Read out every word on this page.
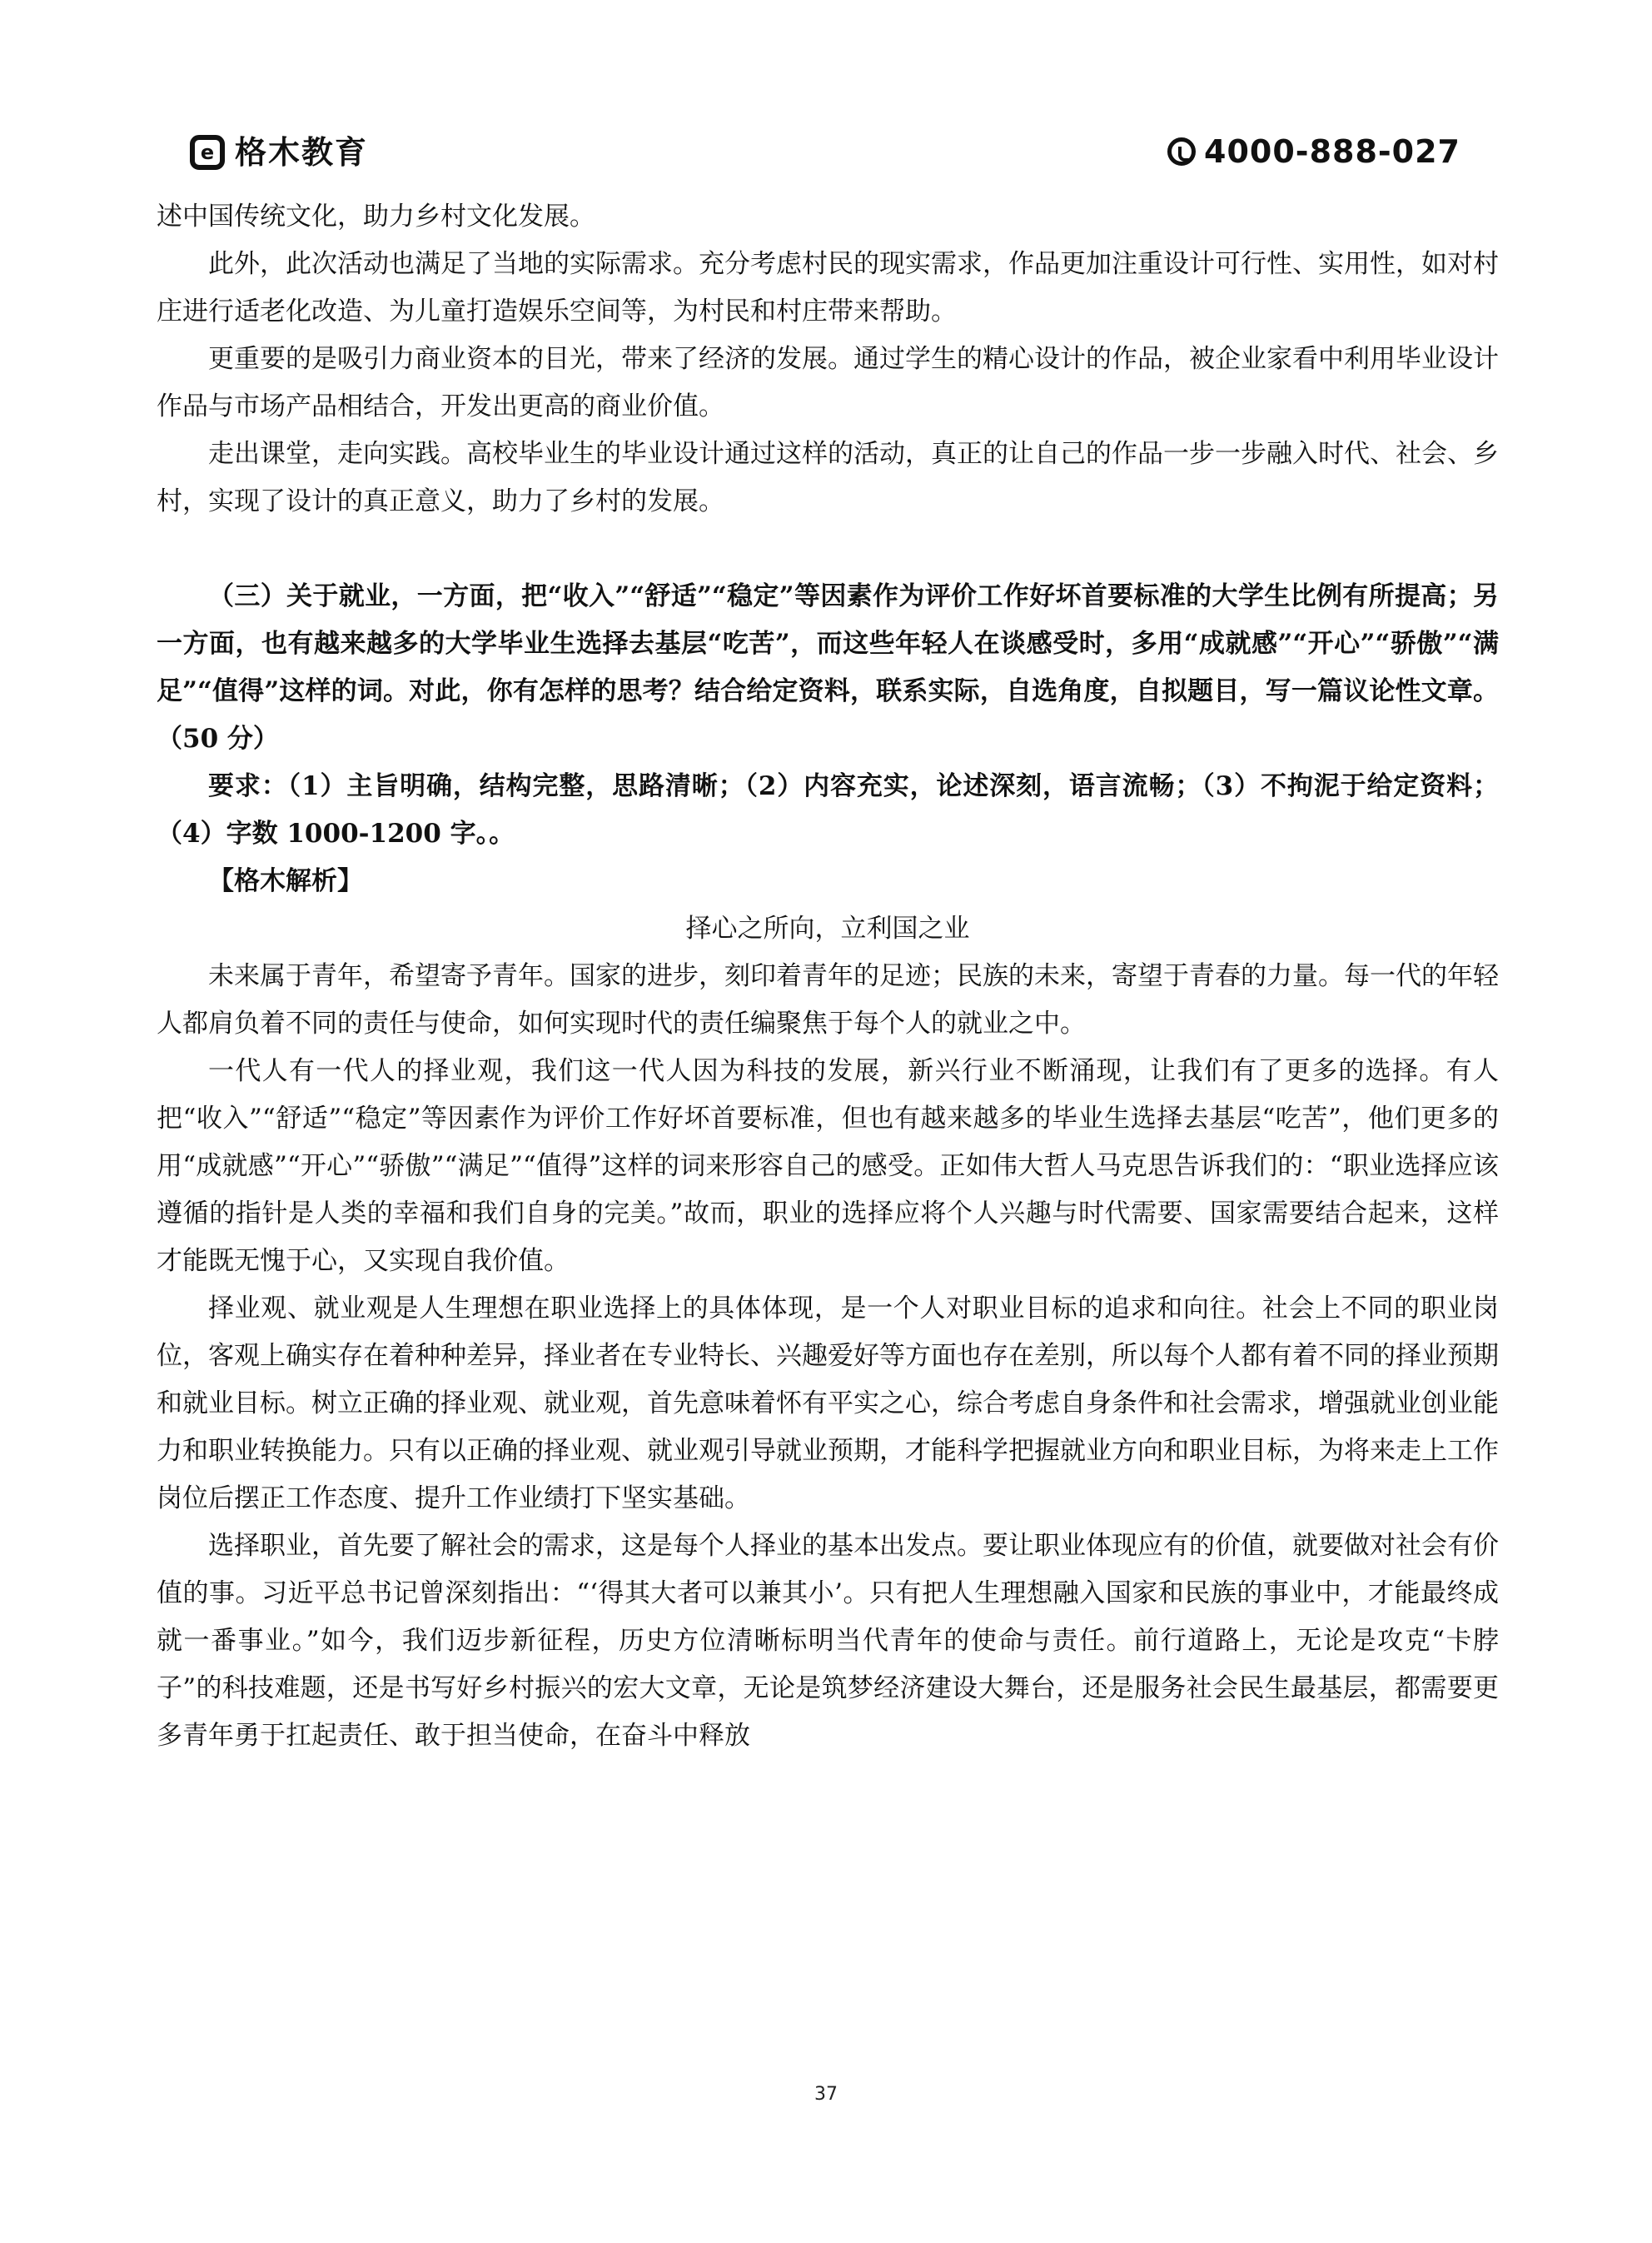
e 格木教育	4000-888-027

述中国传统文化，助力乡村文化发展。

此外，此次活动也满足了当地的实际需求。充分考虑村民的现实需求，作品更加注重设计可行性、实用性，如对村庄进行适老化改造、为儿童打造娱乐空间等，为村民和村庄带来帮助。

更重要的是吸引力商业资本的目光，带来了经济的发展。通过学生的精心设计的作品，被企业家看中利用毕业设计作品与市场产品相结合，开发出更高的商业价值。

走出课堂，走向实践。高校毕业生的毕业设计通过这样的活动，真正的让自己的作品一步一步融入时代、社会、乡村，实现了设计的真正意义，助力了乡村的发展。

（三）关于就业，一方面，把“收入”“舒适”“稳定”等因素作为评价工作好坏首要标准的大学生比例有所提高；另一方面，也有越来越多的大学毕业生选择去基层“吃苦”，而这些年轻人在谈感受时，多用“成就感”“开心”“骄傲”“满足”“值得”这样的词。对此，你有怎样的思考？结合给定资料，联系实际，自选角度，自拟题目，写一篇议论性文章。（50 分）

要求：（1）主旨明确，结构完整，思路清晰；（2）内容充实，论述深刻，语言流畅；（3）不拘泥于给定资料；（4）字数 1000-1200 字。。

【格木解析】

择心之所向，立利国之业

未来属于青年，希望寄予青年。国家的进步，刻印着青年的足迹；民族的未来，寄望于青春的力量。每一代的年轻人都肩负着不同的责任与使命，如何实现时代的责任编聚焦于每个人的就业之中。

一代人有一代人的择业观，我们这一代人因为科技的发展，新兴行业不断涌现，让我们有了更多的选择。有人把“收入”“舒适”“稳定”等因素作为评价工作好坏首要标准，但也有越来越多的毕业生选择去基层“吃苦”，他们更多的用“成就感”“开心”“骄傲”“满足”“值得”这样的词来形容自己的感受。正如伟大哲人马克思告诉我们的：“职业选择应该遵循的指针是人类的幸福和我们自身的完美。”故而，职业的选择应将个人兴趣与时代需要、国家需要结合起来，这样才能既无愧于心，又实现自我价值。

择业观、就业观是人生理想在职业选择上的具体体现，是一个人对职业目标的追求和向往。社会上不同的职业岗位，客观上确实存在着种种差异，择业者在专业特长、兴趣爱好等方面也存在差别，所以每个人都有着不同的择业预期和就业目标。树立正确的择业观、就业观，首先意味着怀有平实之心，综合考虑自身条件和社会需求，增强就业创业能力和职业转换能力。只有以正确的择业观、就业观引导就业预期，才能科学把握就业方向和职业目标，为将来走上工作岗位后摆正工作态度、提升工作业绩打下坚实基础。

选择职业，首先要了解社会的需求，这是每个人择业的基本出发点。要让职业体现应有的价值，就要做对社会有价值的事。习近平总书记曾深刻指出：“‘得其大者可以兼其小’。只有把人生理想融入国家和民族的事业中，才能最终成就一番事业。”如今，我们迈步新征程，历史方位清晰标明当代青年的使命与责任。前行道路上，无论是攻克“卡脖子”的科技难题，还是书写好乡村振兴的宏大文章，无论是筑梦经济建设大舞台，还是服务社会民生最基层，都需要更多青年勇于扛起责任、敢于担当使命，在奋斗中释放

37
